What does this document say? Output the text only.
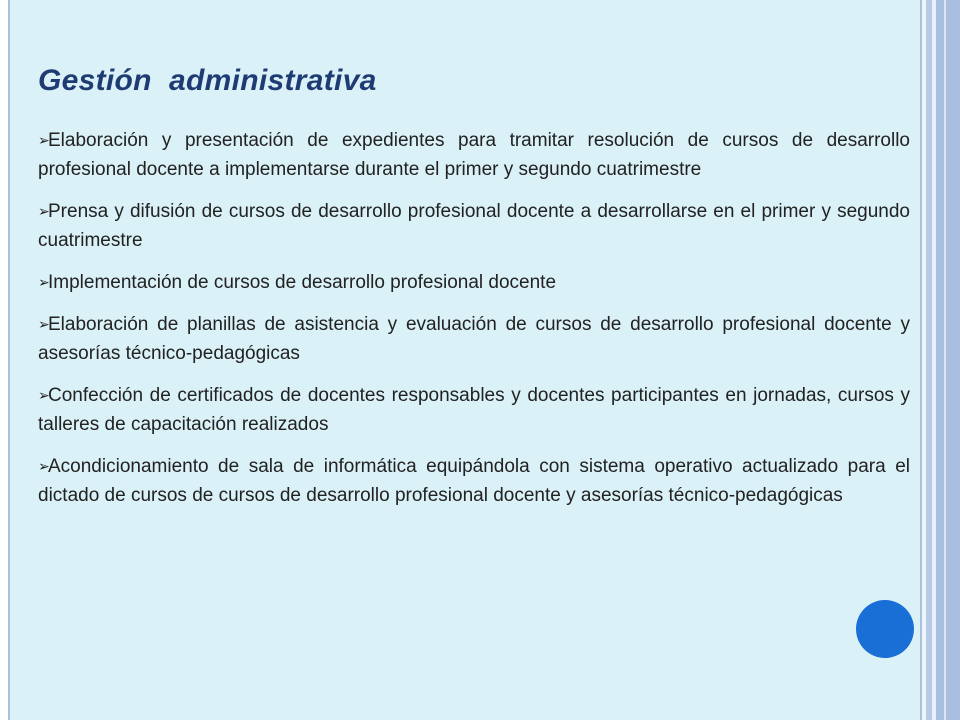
Gestión  administrativa

➢Elaboración y presentación de expedientes para tramitar resolución de cursos de desarrollo profesional docente a implementarse durante el primer y segundo cuatrimestre

➢Prensa y difusión de cursos de desarrollo profesional docente a desarrollarse en el primer y segundo cuatrimestre

➢Implementación de cursos de desarrollo profesional docente

➢Elaboración de planillas de asistencia y evaluación de cursos de desarrollo profesional docente y asesorías técnico-pedagógicas

➢Confección de certificados de docentes responsables y docentes participantes en jornadas, cursos y talleres de capacitación realizados

➢Acondicionamiento de sala de informática equipándola con sistema operativo actualizado para el dictado de cursos de cursos de desarrollo profesional docente y asesorías técnico-pedagógicas
